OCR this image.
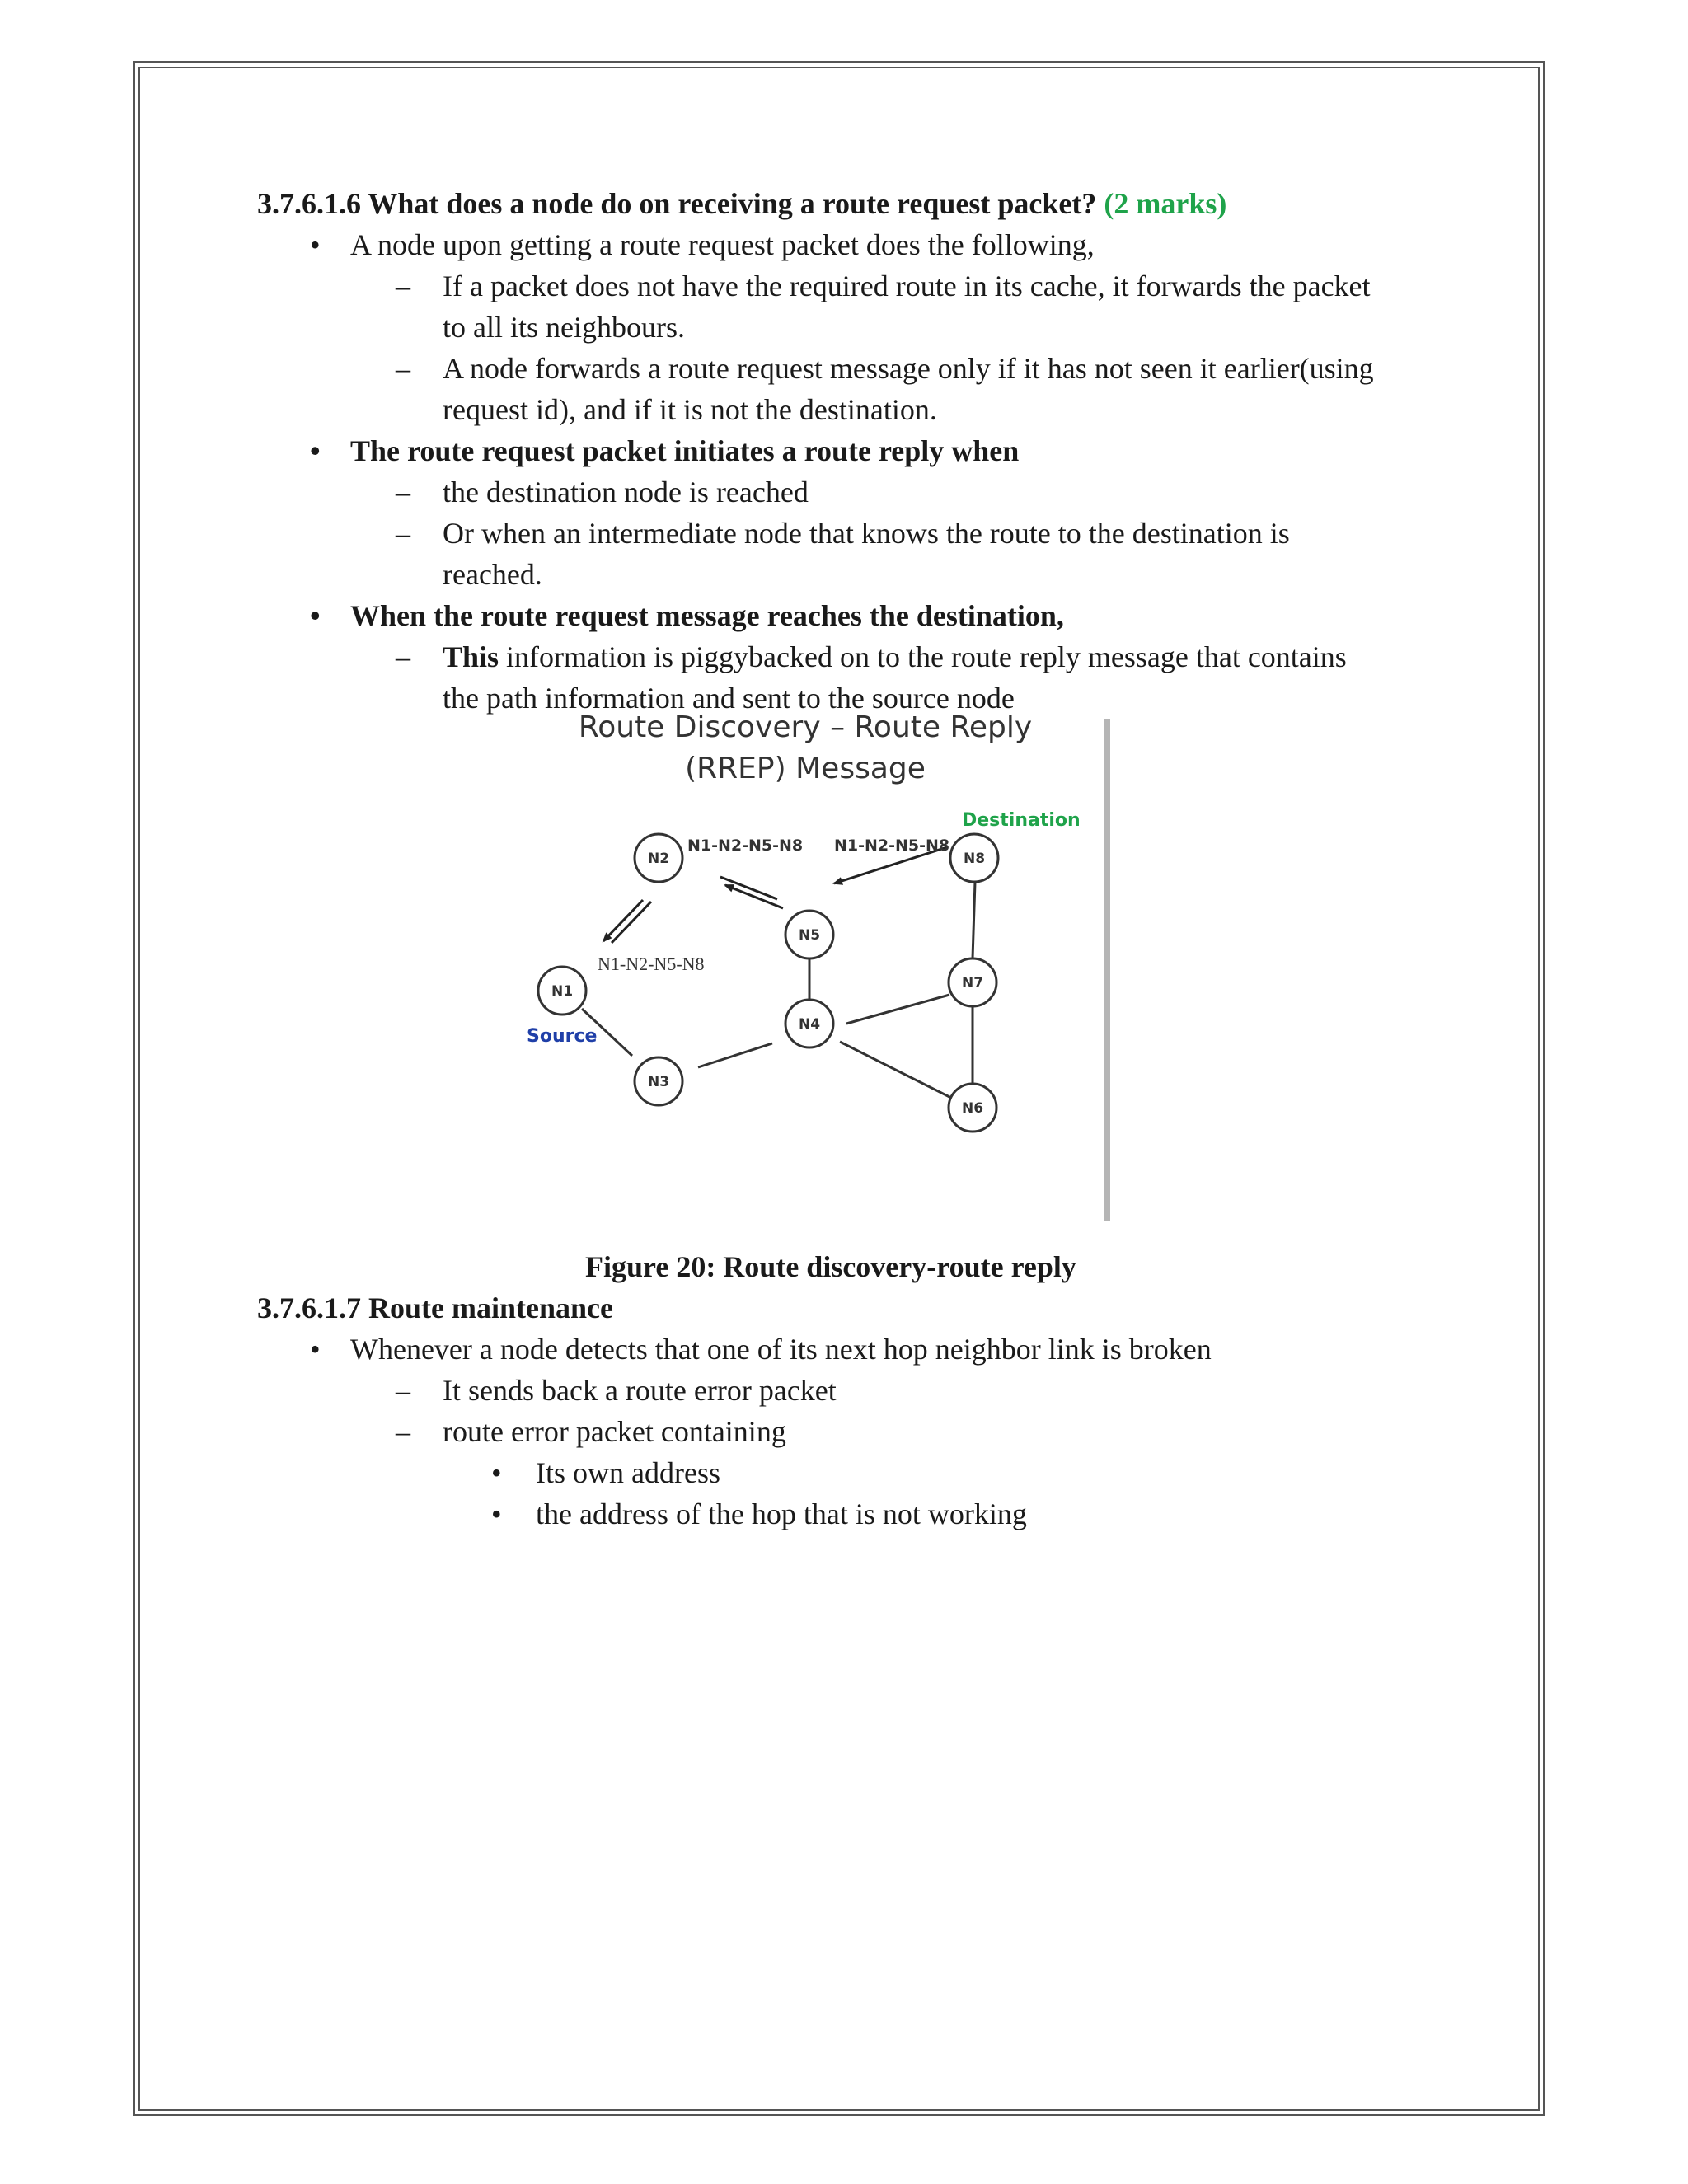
3.7.6.1.6 What does a node do on receiving a route request packet? (2 marks)
• A node upon getting a route request packet does the following,
– If a packet does not have the required route in its cache, it forwards the packet
to all its neighbours.
– A node forwards a route request message only if it has not seen it earlier(using
request id), and if it is not the destination.
• The route request packet initiates a route reply when
– the destination node is reached
– Or when an intermediate node that knows the route to the destination is
reached.
• When the route request message reaches the destination,
– This information is piggybacked on to the route reply message that contains
the path information and sent to the source node
Route Discovery – Route Reply
(RREP) Message
N2
N5
N8
N1	N7
N4
N3
N6
N1-N2-N5-N8 N1-N2-N5-N8
N1-N2-N5-N8
Destination
Source
Figure 20: Route discovery-route reply
3.7.6.1.7 Route maintenance
• Whenever a node detects that one of its next hop neighbor link is broken
– It sends back a route error packet
– route error packet containing
• Its own address
• the address of the hop that is not working
